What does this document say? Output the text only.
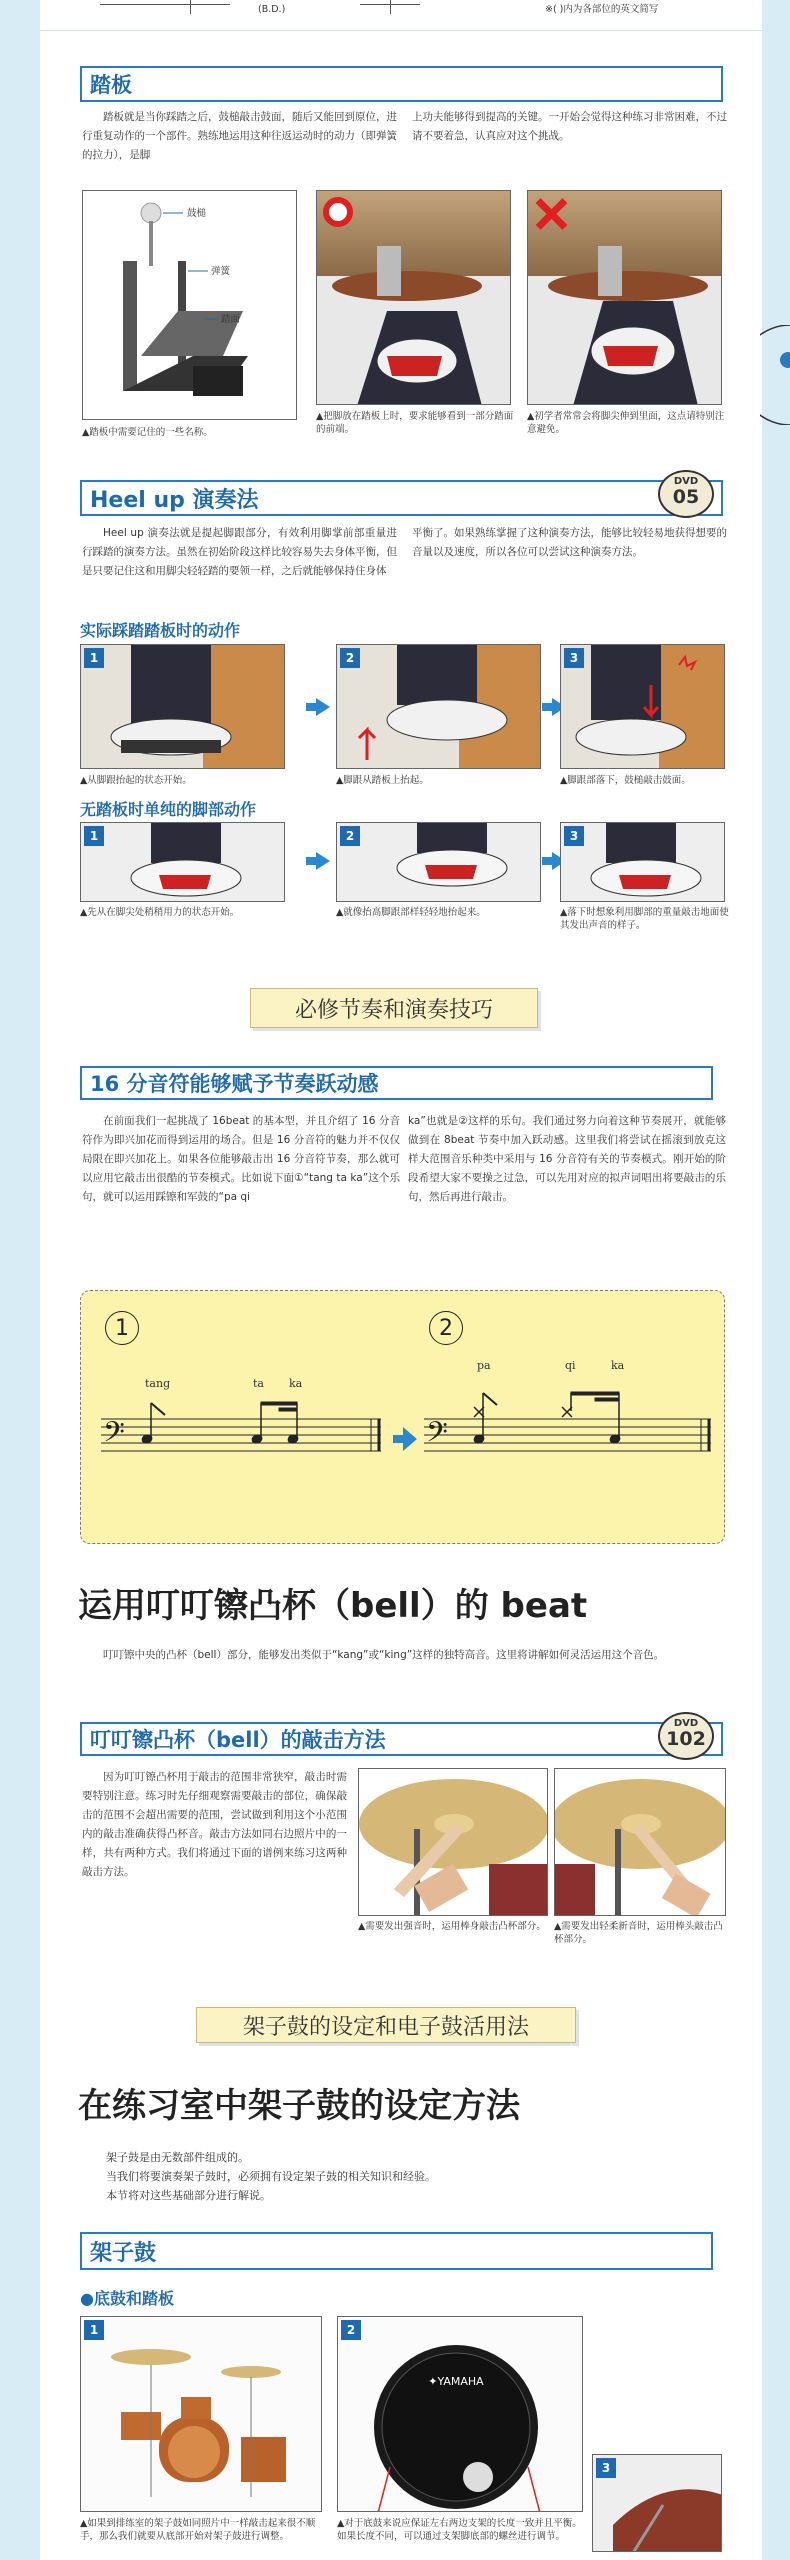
(B.D.)	※( )内为各部位的英文简写
踏板
踏板就是当你踩踏之后，鼓槌敲击鼓面，随后又能回到原位，进行重复动作的一个部件。熟练地运用这种往返运动时的动力（即弹簧的拉力），是脚
上功夫能够得到提高的关键。一开始会觉得这种练习非常困难，不过请不要着急，认真应对这个挑战。
鼓槌
弹簧
踏面
▲踏板中需要记住的一些名称。
▲把脚放在踏板上时，要求能够看到一部分踏面的前端。
▲初学者常常会将脚尖伸到里面，这点请特别注意避免。
Heel up 演奏法
DVD
05
Heel up 演奏法就是提起脚跟部分，有效利用脚掌前部重量进行踩踏的演奏方法。虽然在初始阶段这样比较容易失去身体平衡，但是只要记住这和用脚尖轻轻踏的要领一样，之后就能够保持住身体
平衡了。如果熟练掌握了这种演奏方法，能够比较轻易地获得想要的音量以及速度，所以各位可以尝试这种演奏方法。
实际踩踏踏板时的动作
1	2	3
▲从脚跟抬起的状态开始。	▲脚跟从踏板上抬起。	▲脚跟部落下，鼓槌敲击鼓面。
无踏板时单纯的脚部动作
1	2	3
▲先从在脚尖处稍稍用力的状态开始。	▲就像抬高脚跟部样轻轻地抬起来。	▲落下时想象利用脚部的重量敲击地面使其发出声音的样子。
必修节奏和演奏技巧
16 分音符能够赋予节奏跃动感
在前面我们一起挑战了 16beat 的基本型，并且介绍了 16 分音符作为即兴加花而得到运用的场合。但是 16 分音符的魅力并不仅仅局限在即兴加花上。如果各位能够敲击出 16 分音符节奏，那么就可以应用它敲击出很酷的节奏模式。比如说下面①“tang ta ka”这个乐句，就可以运用踩镲和军鼓的“pa qi
ka”也就是②这样的乐句。我们通过努力向着这种节奏展开，就能够做到在 8beat 节奏中加入跃动感。这里我们将尝试在摇滚到放克这样大范围音乐种类中采用与 16 分音符有关的节奏模式。刚开始的阶段希望大家不要操之过急，可以先用对应的拟声词唱出将要敲击的乐句，然后再进行敲击。
1	2
𝄢	𝄢
tang	ta ka
pa	qi	ka
运用叮叮镲凸杯（bell）的 beat
叮叮镲中央的凸杯（bell）部分，能够发出类似于“kang”或“king”这样的独特高音。这里将讲解如何灵活运用这个音色。
叮叮镲凸杯（bell）的敲击方法
DVD
102
因为叮叮镲凸杯用于敲击的范围非常狭窄，敲击时需要特别注意。练习时先仔细观察需要敲击的部位，确保敲击的范围不会超出需要的范围，尝试做到利用这个小范围内的敲击准确获得凸杯音。敲击方法如同右边照片中的一样，共有两种方式。我们将通过下面的谱例来练习这两种敲击方法。
▲需要发出强音时，运用棒身敲击凸杯部分。 ▲需要发出轻柔新音时，运用棒头敲击凸杯部分。
架子鼓的设定和电子鼓活用法
在练习室中架子鼓的设定方法
架子鼓是由无数部件组成的。
当我们将要演奏架子鼓时，必须拥有设定架子鼓的相关知识和经验。
本节将对这些基础部分进行解说。
架子鼓
●底鼓和踏板
1	2
✦YAMAHA
3
▲如果到排练室的架子鼓如同照片中一样敲击起来很不顺手，那么我们就要从底部开始对架子鼓进行调整。
▲对于底鼓来说应保证左右两边支架的长度一致并且平衡。如果长度不同，可以通过支架脚底部的螺丝进行调节。
